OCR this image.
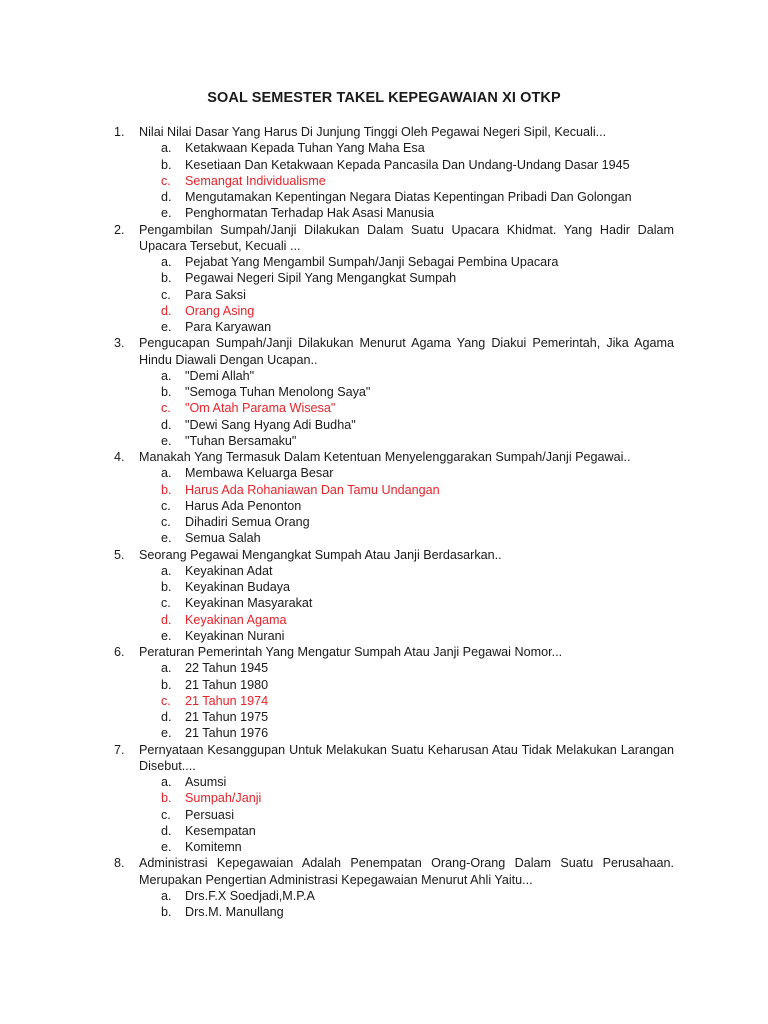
SOAL SEMESTER TAKEL KEPEGAWAIAN XI OTKP
1. Nilai Nilai Dasar Yang Harus Di Junjung Tinggi Oleh Pegawai Negeri Sipil, Kecuali...
a. Ketakwaan Kepada Tuhan Yang Maha Esa
b. Kesetiaan Dan Ketakwaan Kepada Pancasila Dan Undang-Undang Dasar 1945
c. Semangat Individualisme
d. Mengutamakan Kepentingan Negara Diatas Kepentingan Pribadi Dan Golongan
e. Penghormatan Terhadap Hak Asasi Manusia
2. Pengambilan Sumpah/Janji Dilakukan Dalam Suatu Upacara Khidmat. Yang Hadir Dalam Upacara Tersebut, Kecuali ...
a. Pejabat Yang Mengambil Sumpah/Janji Sebagai Pembina Upacara
b. Pegawai Negeri Sipil Yang Mengangkat Sumpah
c. Para Saksi
d. Orang Asing
e. Para Karyawan
3. Pengucapan Sumpah/Janji Dilakukan Menurut Agama Yang Diakui Pemerintah, Jika Agama Hindu Diawali Dengan Ucapan..
a. "Demi Allah"
b. "Semoga Tuhan Menolong Saya"
c. "Om Atah Parama Wisesa"
d. "Dewi Sang Hyang Adi Budha"
e. "Tuhan Bersamaku"
4. Manakah Yang Termasuk Dalam Ketentuan Menyelenggarakan Sumpah/Janji Pegawai..
a. Membawa Keluarga Besar
b. Harus Ada Rohaniawan Dan Tamu Undangan
c. Harus Ada Penonton
c. Dihadiri Semua Orang
e. Semua Salah
5. Seorang Pegawai Mengangkat Sumpah Atau Janji Berdasarkan..
a. Keyakinan Adat
b. Keyakinan Budaya
c. Keyakinan Masyarakat
d. Keyakinan Agama
e. Keyakinan Nurani
6. Peraturan Pemerintah Yang Mengatur Sumpah Atau Janji Pegawai Nomor...
a. 22 Tahun 1945
b. 21 Tahun 1980
c. 21 Tahun 1974
d. 21 Tahun 1975
e. 21 Tahun 1976
7. Pernyataan Kesanggupan Untuk Melakukan Suatu Keharusan Atau Tidak Melakukan Larangan Disebut....
a. Asumsi
b. Sumpah/Janji
c. Persuasi
d. Kesempatan
e. Komitemn
8. Administrasi Kepegawaian Adalah Penempatan Orang-Orang Dalam Suatu Perusahaan. Merupakan Pengertian Administrasi Kepegawaian Menurut Ahli Yaitu...
a. Drs.F.X Soedjadi,M.P.A
b. Drs.M. Manullang
